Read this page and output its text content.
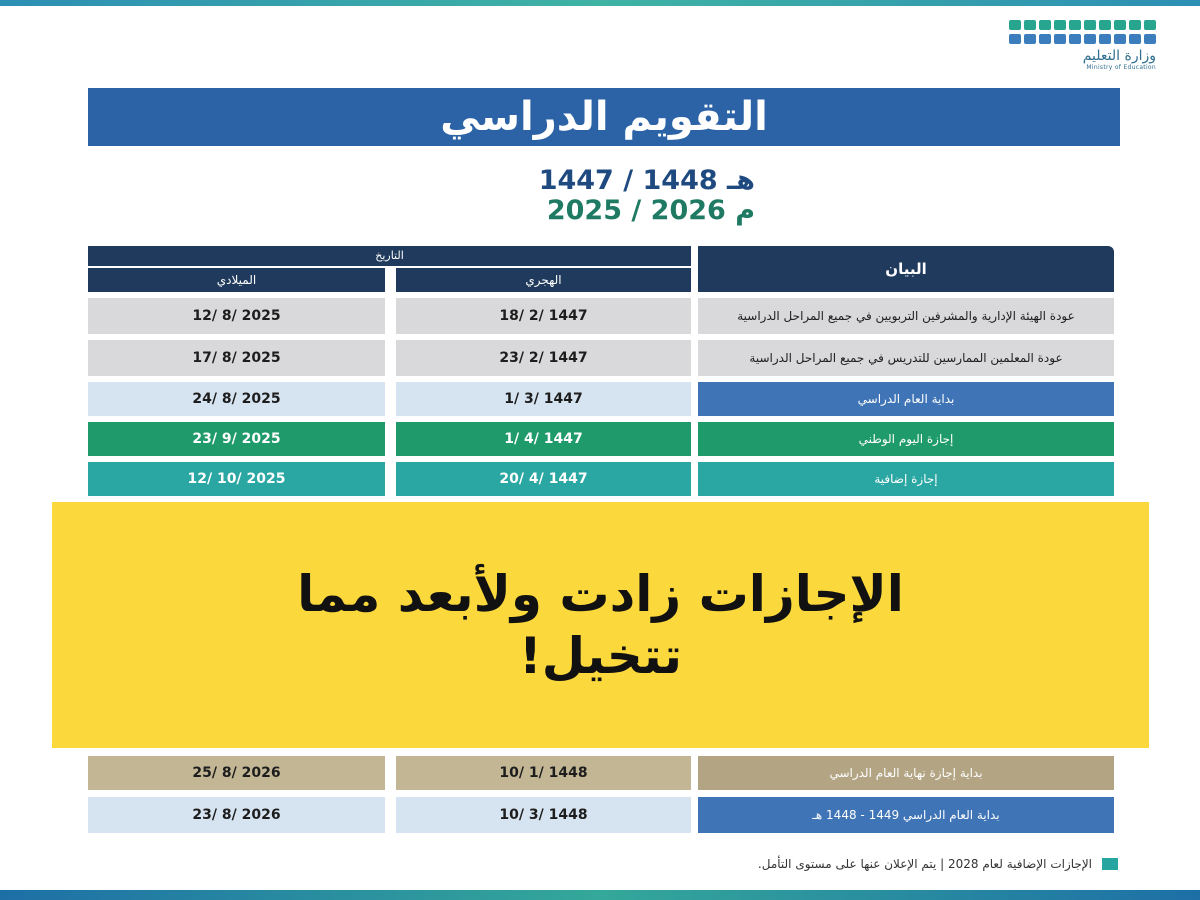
وزارة التعليم
Ministry of Education
التقويم الدراسي
1447 / 1448 هـ
2025 / 2026 م
التاريخ
الميلادي	الهجري
البيان
12/ 8/ 2025	18/ 2/ 1447	عودة الهيئة الإدارية والمشرفين التربويين في جميع المراحل الدراسية
17/ 8/ 2025	23/ 2/ 1447	عودة المعلمين الممارسين للتدريس في جميع المراحل الدراسية
24/ 8/ 2025	1/ 3/ 1447	بداية العام الدراسي
23/ 9/ 2025	1/ 4/ 1447	إجازة اليوم الوطني
12/ 10/ 2025	20/ 4/ 1447	إجازة إضافية
25/ 8/ 2026	10/ 1/ 1448	بداية إجازة نهاية العام الدراسي
23/ 8/ 2026	10/ 3/ 1448	بداية العام الدراسي 1449 - 1448 هـ
الإجازات زادت ولأبعد مما
تتخيل!
الإجازات الإضافية لعام 2028 | يتم الإعلان عنها على مستوى التأمل.
